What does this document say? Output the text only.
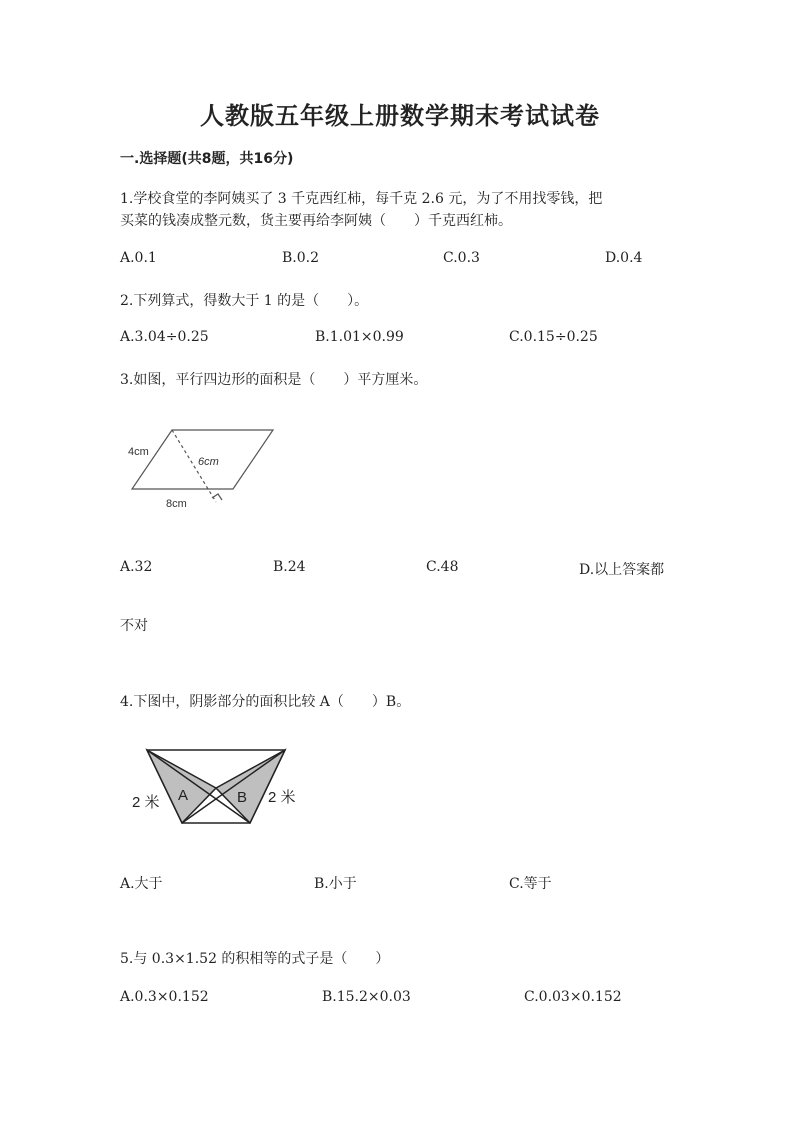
人教版五年级上册数学期末考试试卷
一.选择题(共8题，共16分)
1.学校食堂的李阿姨买了 3 千克西红柿，每千克 2.6 元，为了不用找零钱，把
买菜的钱凑成整元数，货主要再给李阿姨（　　）千克西红柿。
A.0.1	B.0.2	C.0.3	D.0.4
2.下列算式，得数大于 1 的是（　　）。
A.3.04÷0.25	B.1.01×0.99	C.0.15÷0.25
3.如图，平行四边形的面积是（　　）平方厘米。
4cm
6cm
8cm
A.32	B.24	C.48	D.以上答案都
不对
4.下图中，阴影部分的面积比较 A（　　）B。
2 米 A	B 2 米
A.大于	B.小于	C.等于
5.与 0.3×1.52 的积相等的式子是（　　）
A.0.3×0.152	B.15.2×0.03	C.0.03×0.152
